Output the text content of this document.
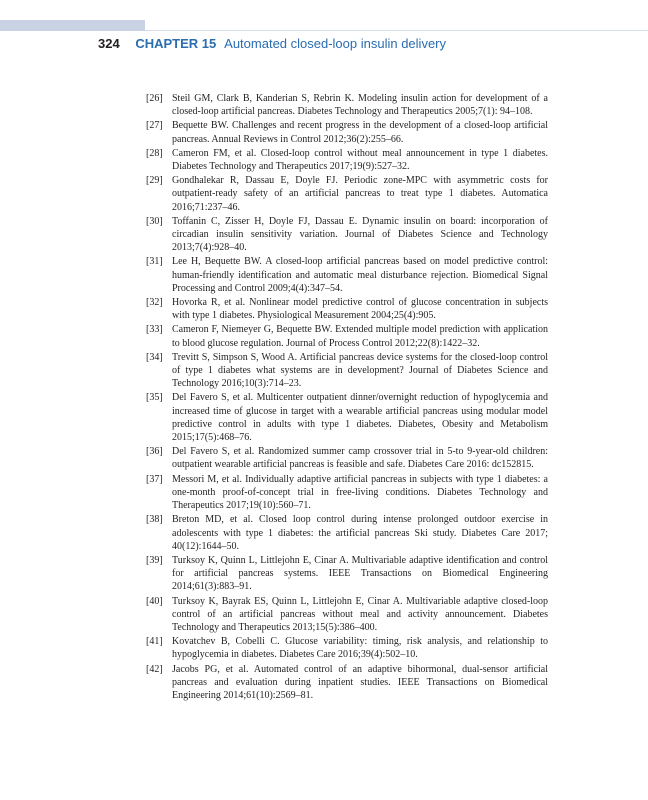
324 CHAPTER 15 Automated closed-loop insulin delivery
[26] Steil GM, Clark B, Kanderian S, Rebrin K. Modeling insulin action for development of a closed-loop artificial pancreas. Diabetes Technology and Therapeutics 2005;7(1): 94–108.
[27] Bequette BW. Challenges and recent progress in the development of a closed-loop artificial pancreas. Annual Reviews in Control 2012;36(2):255–66.
[28] Cameron FM, et al. Closed-loop control without meal announcement in type 1 diabetes. Diabetes Technology and Therapeutics 2017;19(9):527–32.
[29] Gondhalekar R, Dassau E, Doyle FJ. Periodic zone-MPC with asymmetric costs for outpatient-ready safety of an artificial pancreas to treat type 1 diabetes. Automatica 2016;71:237–46.
[30] Toffanin C, Zisser H, Doyle FJ, Dassau E. Dynamic insulin on board: incorporation of circadian insulin sensitivity variation. Journal of Diabetes Science and Technology 2013;7(4):928–40.
[31] Lee H, Bequette BW. A closed-loop artificial pancreas based on model predictive control: human-friendly identification and automatic meal disturbance rejection. Biomedical Signal Processing and Control 2009;4(4):347–54.
[32] Hovorka R, et al. Nonlinear model predictive control of glucose concentration in subjects with type 1 diabetes. Physiological Measurement 2004;25(4):905.
[33] Cameron F, Niemeyer G, Bequette BW. Extended multiple model prediction with application to blood glucose regulation. Journal of Process Control 2012;22(8):1422–32.
[34] Trevitt S, Simpson S, Wood A. Artificial pancreas device systems for the closed-loop control of type 1 diabetes what systems are in development? Journal of Diabetes Science and Technology 2016;10(3):714–23.
[35] Del Favero S, et al. Multicenter outpatient dinner/overnight reduction of hypoglycemia and increased time of glucose in target with a wearable artificial pancreas using modular model predictive control in adults with type 1 diabetes. Diabetes, Obesity and Metabolism 2015;17(5):468–76.
[36] Del Favero S, et al. Randomized summer camp crossover trial in 5-to 9-year-old children: outpatient wearable artificial pancreas is feasible and safe. Diabetes Care 2016: dc152815.
[37] Messori M, et al. Individually adaptive artificial pancreas in subjects with type 1 diabetes: a one-month proof-of-concept trial in free-living conditions. Diabetes Technology and Therapeutics 2017;19(10):560–71.
[38] Breton MD, et al. Closed loop control during intense prolonged outdoor exercise in adolescents with type 1 diabetes: the artificial pancreas Ski study. Diabetes Care 2017; 40(12):1644–50.
[39] Turksoy K, Quinn L, Littlejohn E, Cinar A. Multivariable adaptive identification and control for artificial pancreas systems. IEEE Transactions on Biomedical Engineering 2014;61(3):883–91.
[40] Turksoy K, Bayrak ES, Quinn L, Littlejohn E, Cinar A. Multivariable adaptive closed-loop control of an artificial pancreas without meal and activity announcement. Diabetes Technology and Therapeutics 2013;15(5):386–400.
[41] Kovatchev B, Cobelli C. Glucose variability: timing, risk analysis, and relationship to hypoglycemia in diabetes. Diabetes Care 2016;39(4):502–10.
[42] Jacobs PG, et al. Automated control of an adaptive bihormonal, dual-sensor artificial pancreas and evaluation during inpatient studies. IEEE Transactions on Biomedical Engineering 2014;61(10):2569–81.
